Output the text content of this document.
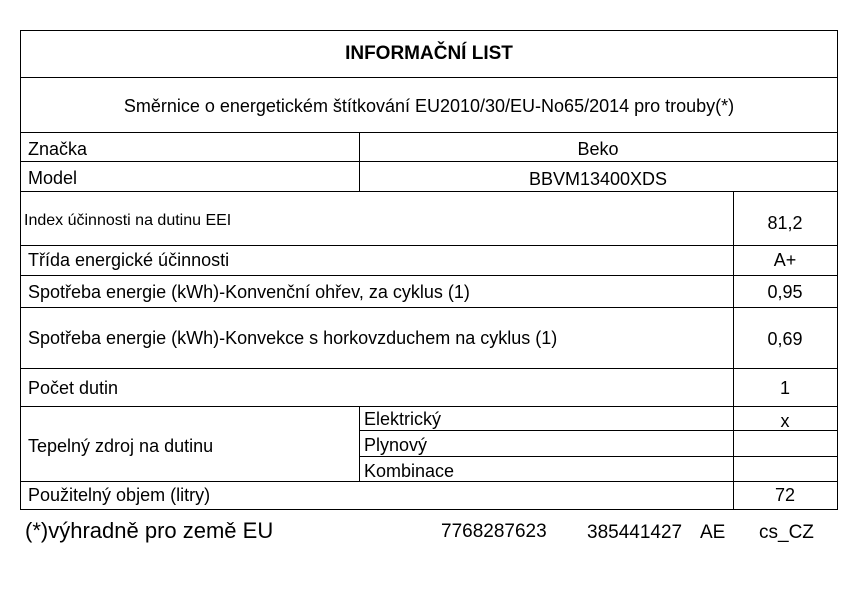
INFORMAČNÍ LIST
Směrnice o energetickém štítkování EU2010/30/EU-No65/2014 pro trouby(*)
Značka	Beko
Model	BBVM13400XDS
Index účinnosti na dutinu EEI	81,2
Třída energické účinnosti	A+
Spotřeba energie (kWh)-Konvenční ohřev, za cyklus (1)	0,95
Spotřeba energie (kWh)-Konvekce s horkovzduchem na cyklus (1)	0,69
Počet dutin	1
Tepelný zdroj na dutinu
Elektrický	x
Plynový
Kombinace
Použitelný objem (litry)	72
(*)výhradně pro země EU	7768287623 385441427 AE cs_CZ
